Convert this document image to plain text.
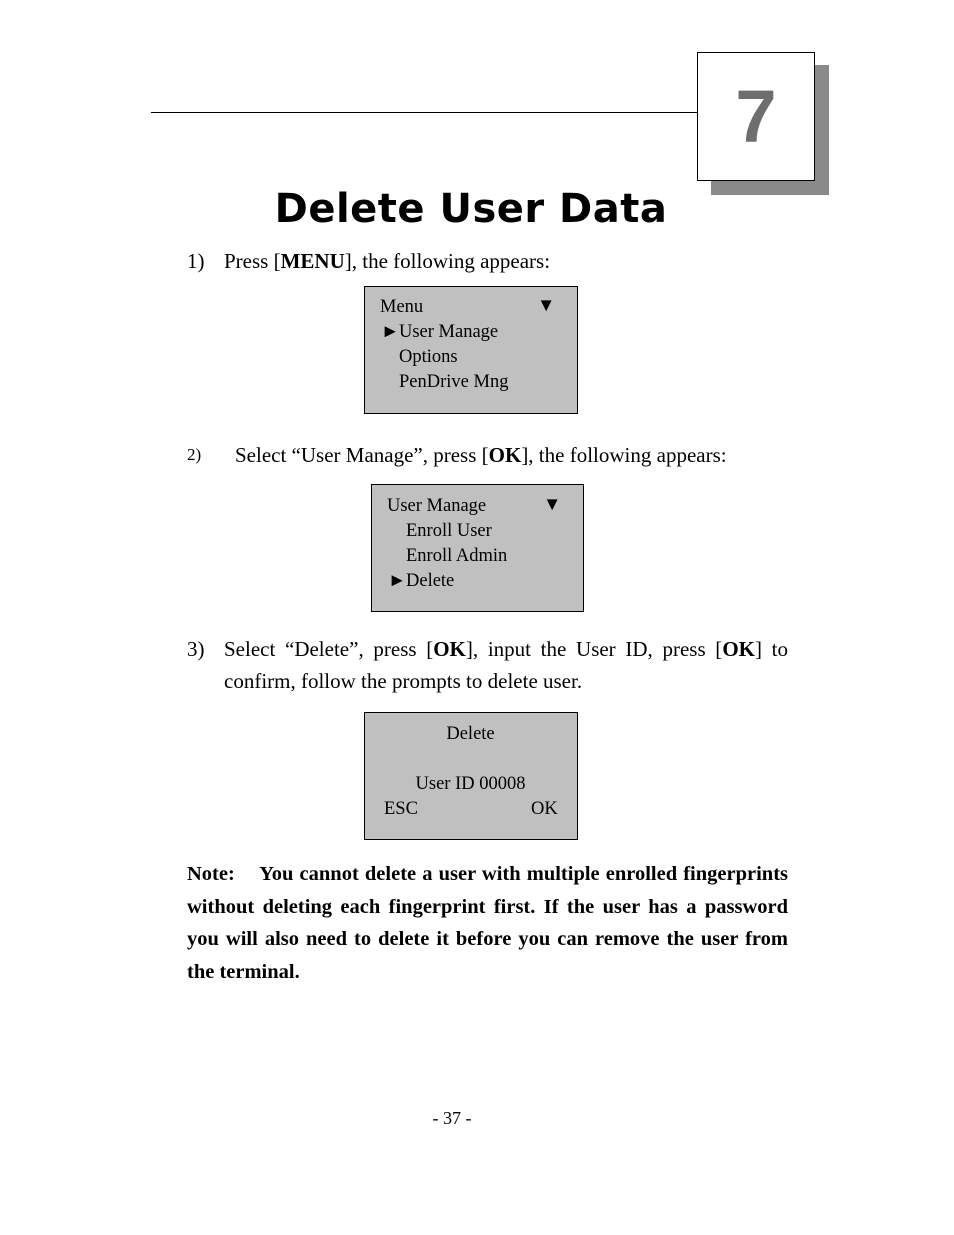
7
Delete User Data
1) Press [MENU], the following appears:
Menu	▼
► User Manage
Options
PenDrive Mng
2) Select “User Manage”, press [OK], the following appears:
User Manage	▼
Enroll User
Enroll Admin
► Delete
3) Select “Delete”, press [OK], input the User ID, press [OK] to
confirm, follow the prompts to delete user.
Delete
User ID 00008
ESC	OK
Note: You cannot delete a user with multiple enrolled fingerprints without deleting each fingerprint first. If the user has a password you will also need to delete it before you can remove the user from the terminal.
- 37 -
